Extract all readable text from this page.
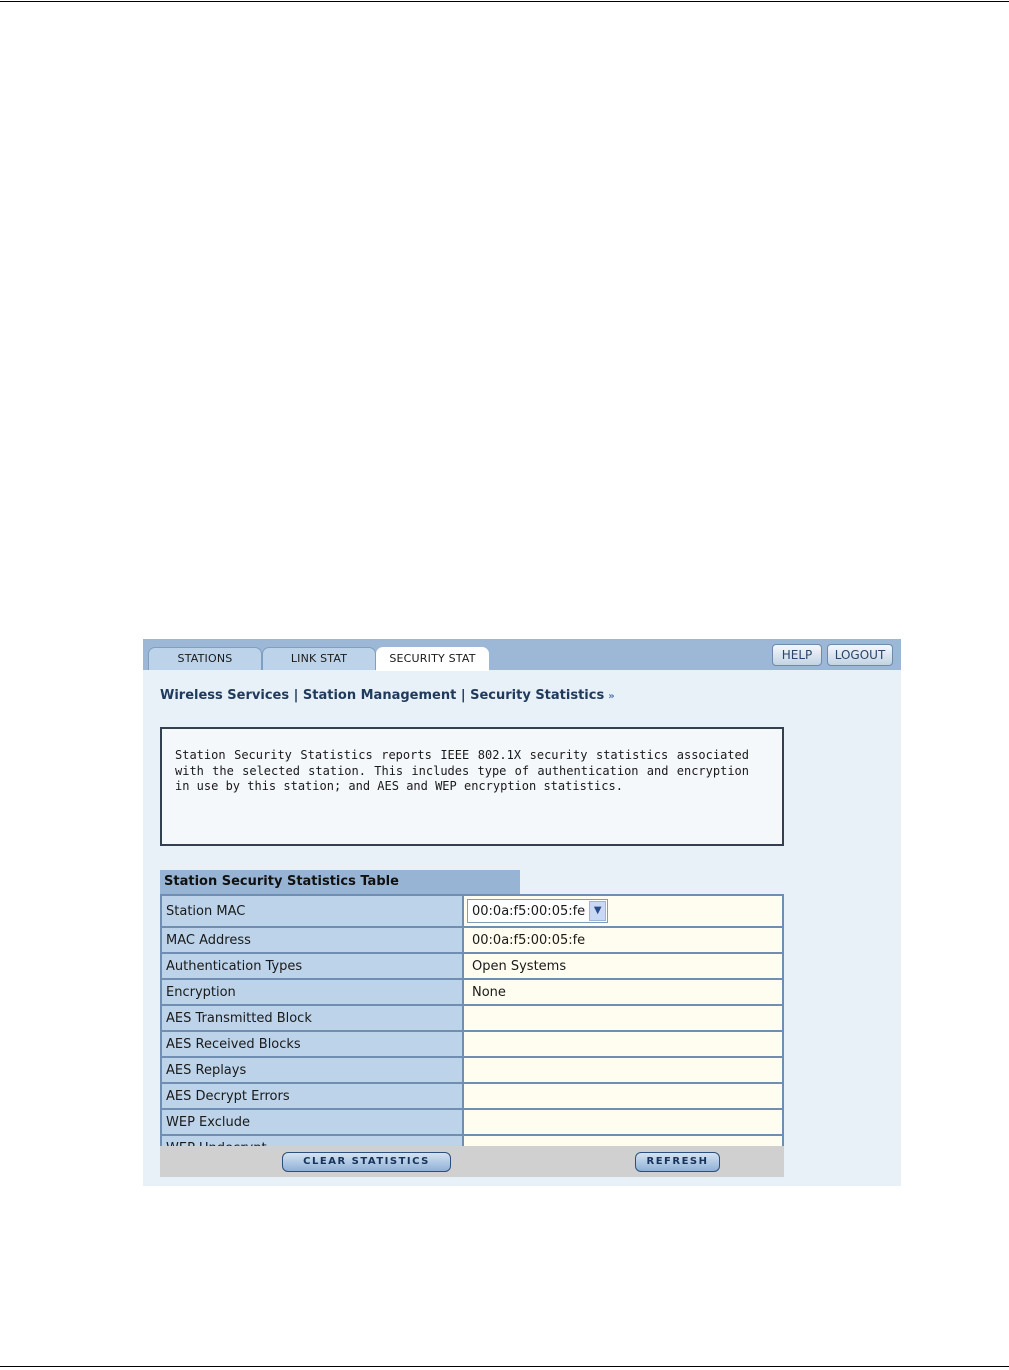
STATIONS	LINK STAT	SECURITY STAT	HELP	LOGOUT
Wireless Services | Station Management | Security Statistics »
Station Security Statistics reports IEEE 802.1X security statistics associated with the selected station. This includes type of authentication and encryption in use by this station; and AES and WEP encryption statistics.
Station Security Statistics Table
Station MAC	00:0a:f5:00:05:fe ▼
MAC Address	00:0a:f5:00:05:fe
Authentication Types	Open Systems
Encryption	None
AES Transmitted Block
AES Received Blocks
AES Replays
AES Decrypt Errors
WEP Exclude
CLEAR STATISTICS	REFRESH
